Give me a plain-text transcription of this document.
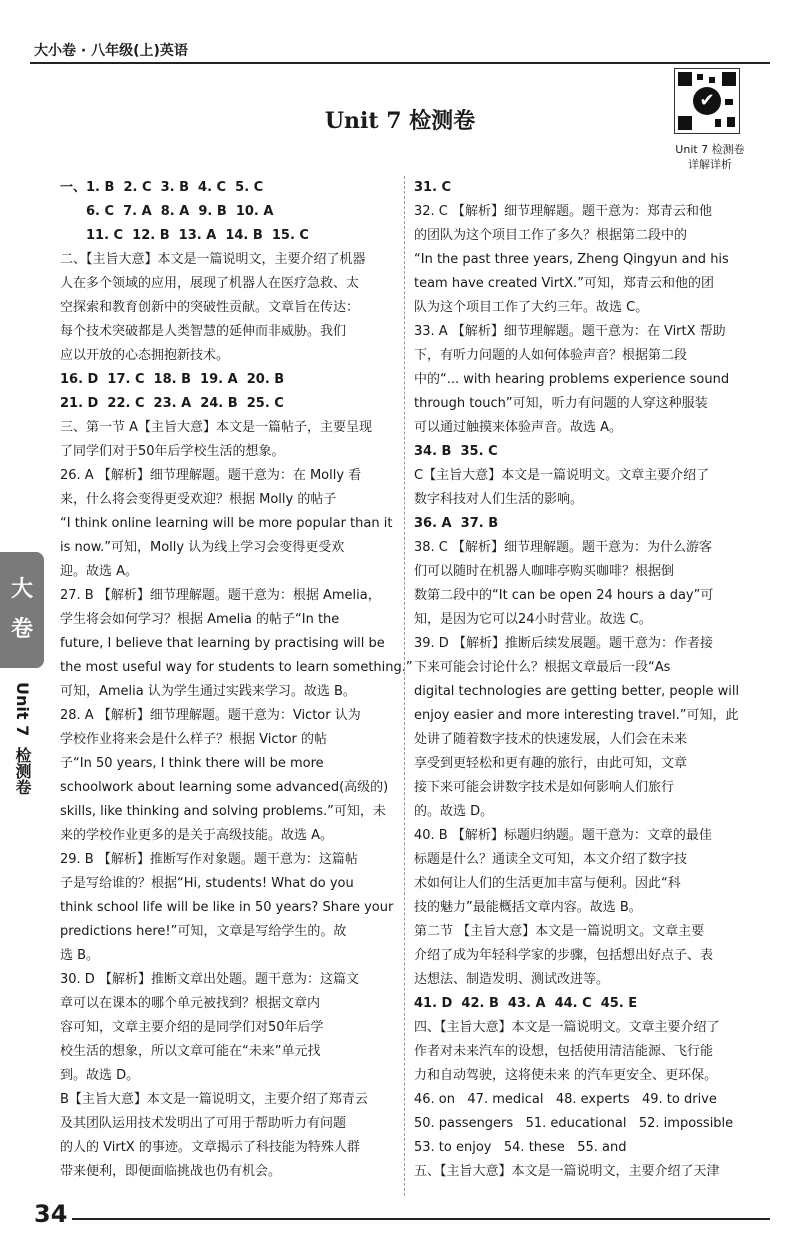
大小卷 · 八年级(上)英语
Unit 7 检测卷
✔
Unit 7 检测卷
详解详析
大
卷
Unit 7 检测卷
一、1. B  2. C  3. B  4. C  5. C
6. C  7. A  8. A  9. B  10. A
11. C  12. B  13. A  14. B  15. C
二、【主旨大意】本文是一篇说明文，主要介绍了机器
人在多个领域的应用，展现了机器人在医疗急救、太
空探索和教育创新中的突破性贡献。文章旨在传达：
每个技术突破都是人类智慧的延伸而非威胁。我们
应以开放的心态拥抱新技术。
16. D  17. C  18. B  19. A  20. B
21. D  22. C  23. A  24. B  25. C
三、第一节 A【主旨大意】本文是一篇帖子，主要呈现
了同学们对于50年后学校生活的想象。
26. A 【解析】细节理解题。题干意为：在 Molly 看
来，什么将会变得更受欢迎？根据 Molly 的帖子
“I think online learning will be more popular than it
is now.”可知，Molly 认为线上学习会变得更受欢
迎。故选 A。
27. B 【解析】细节理解题。题干意为：根据 Amelia，
学生将会如何学习？根据 Amelia 的帖子“In the
future, I believe that learning by practising will be
the most useful way for students to learn something.”
可知，Amelia 认为学生通过实践来学习。故选 B。
28. A 【解析】细节理解题。题干意为：Victor 认为
学校作业将来会是什么样子？根据 Victor 的帖
子“In 50 years, I think there will be more
schoolwork about learning some advanced(高级的)
skills, like thinking and solving problems.”可知，未
来的学校作业更多的是关于高级技能。故选 A。
29. B 【解析】推断写作对象题。题干意为：这篇帖
子是写给谁的？根据“Hi, students! What do you
think school life will be like in 50 years? Share your
predictions here!”可知，文章是写给学生的。故
选 B。
30. D 【解析】推断文章出处题。题干意为：这篇文
章可以在课本的哪个单元被找到？根据文章内
容可知，文章主要介绍的是同学们对50年后学
校生活的想象，所以文章可能在“未来”单元找
到。故选 D。
B【主旨大意】本文是一篇说明文，主要介绍了郑青云
及其团队运用技术发明出了可用于帮助听力有问题
的人的 VirtX 的事迹。文章揭示了科技能为特殊人群
带来便利，即便面临挑战也仍有机会。
31. C
32. C 【解析】细节理解题。题干意为：郑青云和他
的团队为这个项目工作了多久？根据第二段中的
“In the past three years, Zheng Qingyun and his
team have created VirtX.”可知，郑青云和他的团
队为这个项目工作了大约三年。故选 C。
33. A 【解析】细节理解题。题干意为：在 VirtX 帮助
下，有听力问题的人如何体验声音？根据第二段
中的“... with hearing problems experience sound
through touch”可知，听力有问题的人穿这种服装
可以通过触摸来体验声音。故选 A。
34. B  35. C
C【主旨大意】本文是一篇说明文。文章主要介绍了
数字科技对人们生活的影响。
36. A  37. B
38. C 【解析】细节理解题。题干意为：为什么游客
们可以随时在机器人咖啡亭购买咖啡？根据倒
数第二段中的“It can be open 24 hours a day”可
知，是因为它可以24小时营业。故选 C。
39. D 【解析】推断后续发展题。题干意为：作者接
下来可能会讨论什么？根据文章最后一段“As
digital technologies are getting better, people will
enjoy easier and more interesting travel.”可知，此
处讲了随着数字技术的快速发展，人们会在未来
享受到更轻松和更有趣的旅行，由此可知，文章
接下来可能会讲数字技术是如何影响人们旅行
的。故选 D。
40. B 【解析】标题归纳题。题干意为：文章的最佳
标题是什么？通读全文可知，本文介绍了数字技
术如何让人们的生活更加丰富与便利。因此“科
技的魅力”最能概括文章内容。故选 B。
第二节 【主旨大意】本文是一篇说明文。文章主要
介绍了成为年轻科学家的步骤，包括想出好点子、表
达想法、制造发明、测试改进等。
41. D  42. B  43. A  44. C  45. E
四、【主旨大意】本文是一篇说明文。文章主要介绍了
作者对未来汽车的设想，包括使用清洁能源、飞行能
力和自动驾驶，这将使未来 的汽车更安全、更环保。
46. on   47. medical   48. experts   49. to drive
50. passengers   51. educational   52. impossible
53. to enjoy   54. these   55. and
五、【主旨大意】本文是一篇说明文，主要介绍了天津
34
